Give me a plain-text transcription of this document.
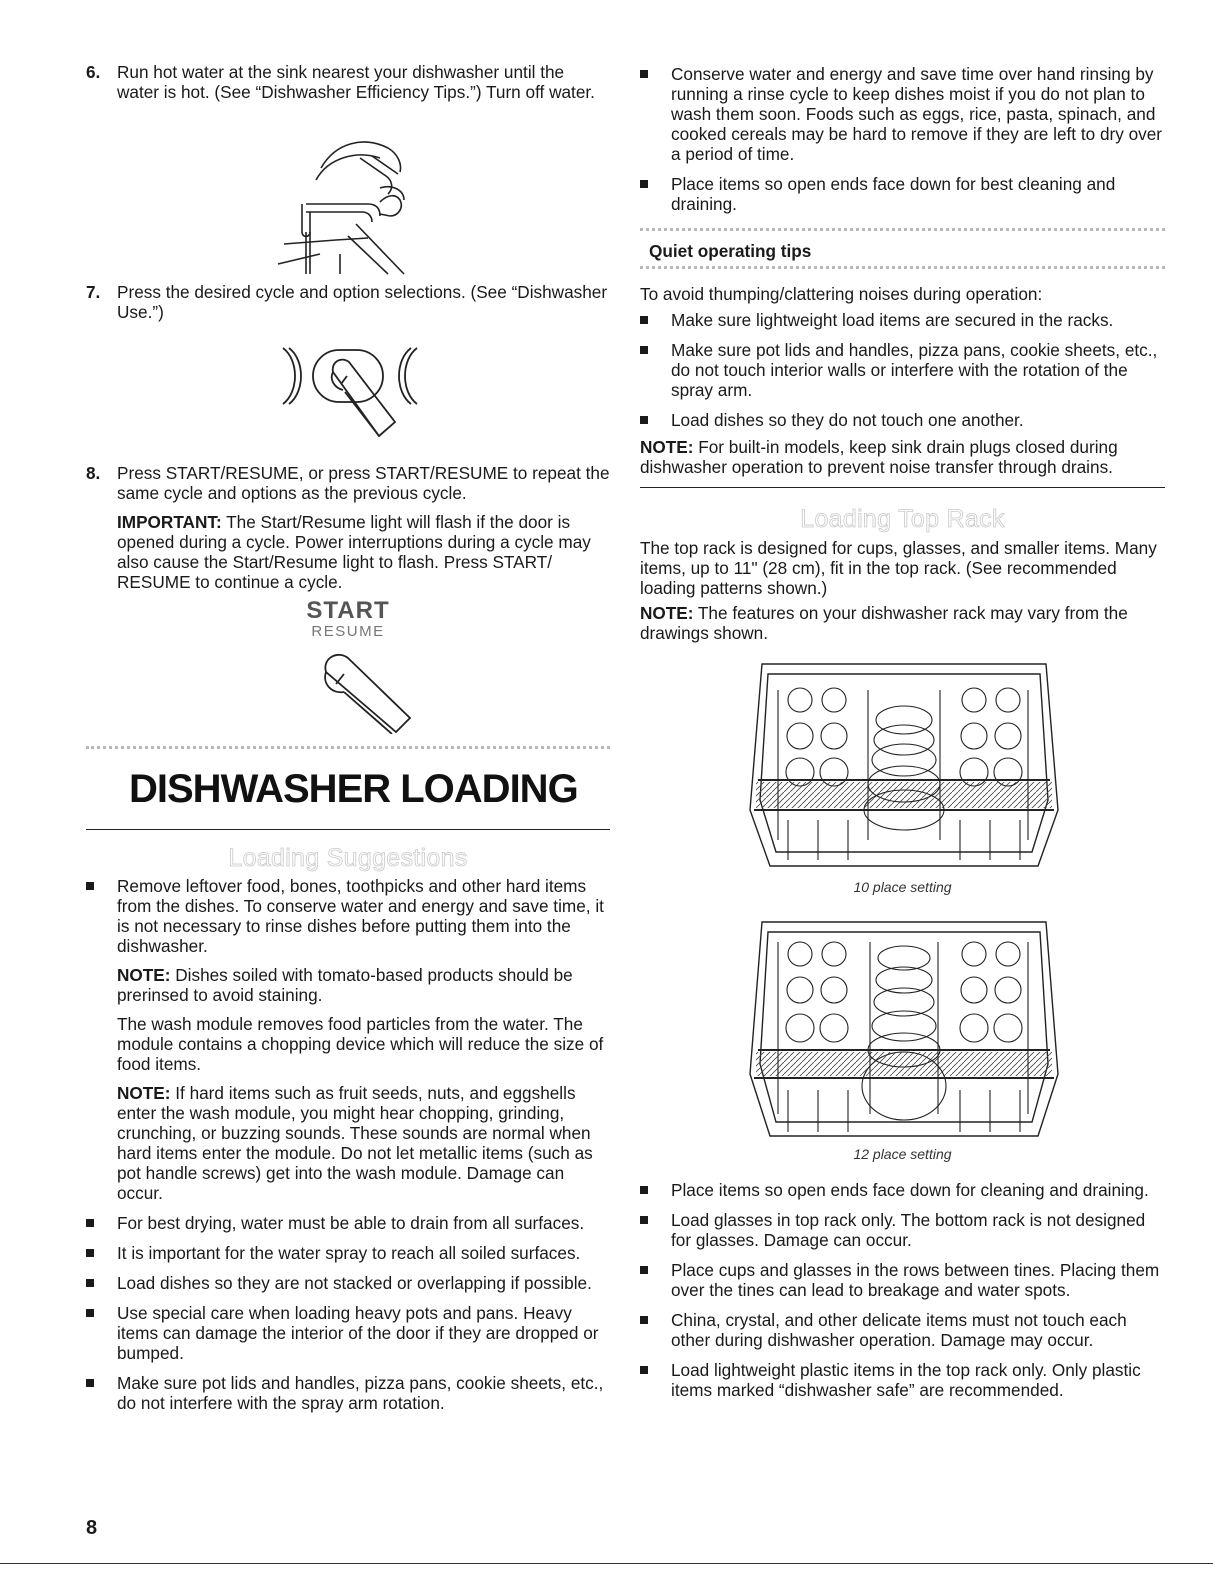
6. Run hot water at the sink nearest your dishwasher until the water is hot. (See “Dishwasher Efficiency Tips.”) Turn off water.

7. Press the desired cycle and option selections. (See “Dishwasher Use.”)

8. Press START/RESUME, or press START/RESUME to repeat the same cycle and options as the previous cycle.

IMPORTANT: The Start/Resume light will flash if the door is opened during a cycle. Power interruptions during a cycle may also cause the Start/Resume light to flash. Press START/ RESUME to continue a cycle.

START
RESUME
DISHWASHER LOADING
Loading Suggestions

Remove leftover food, bones, toothpicks and other hard items from the dishes. To conserve water and energy and save time, it is not necessary to rinse dishes before putting them into the dishwasher.

NOTE: Dishes soiled with tomato-based products should be prerinsed to avoid staining.

The wash module removes food particles from the water. The module contains a chopping device which will reduce the size of food items.

NOTE: If hard items such as fruit seeds, nuts, and eggshells enter the wash module, you might hear chopping, grinding, crunching, or buzzing sounds. These sounds are normal when hard items enter the module. Do not let metallic items (such as pot handle screws) get into the wash module. Damage can occur.

For best drying, water must be able to drain from all surfaces.

It is important for the water spray to reach all soiled surfaces.

Load dishes so they are not stacked or overlapping if possible.

Use special care when loading heavy pots and pans. Heavy items can damage the interior of the door if they are dropped or bumped.

Make sure pot lids and handles, pizza pans, cookie sheets, etc., do not interfere with the spray arm rotation.

Conserve water and energy and save time over hand rinsing by running a rinse cycle to keep dishes moist if you do not plan to wash them soon. Foods such as eggs, rice, pasta, spinach, and cooked cereals may be hard to remove if they are left to dry over a period of time.

Place items so open ends face down for best cleaning and draining.

Quiet operating tips

To avoid thumping/clattering noises during operation:

Make sure lightweight load items are secured in the racks.

Make sure pot lids and handles, pizza pans, cookie sheets, etc., do not touch interior walls or interfere with the rotation of the spray arm.

Load dishes so they do not touch one another.

NOTE: For built-in models, keep sink drain plugs closed during dishwasher operation to prevent noise transfer through drains.

Loading Top Rack

The top rack is designed for cups, glasses, and smaller items. Many items, up to 11" (28 cm), fit in the top rack. (See recommended loading patterns shown.)

NOTE: The features on your dishwasher rack may vary from the drawings shown.

10 place setting
12 place setting

Place items so open ends face down for cleaning and draining.

Load glasses in top rack only. The bottom rack is not designed for glasses. Damage can occur.

Place cups and glasses in the rows between tines. Placing them over the tines can lead to breakage and water spots.

China, crystal, and other delicate items must not touch each other during dishwasher operation. Damage may occur.

Load lightweight plastic items in the top rack only. Only plastic items marked “dishwasher safe” are recommended.

8
